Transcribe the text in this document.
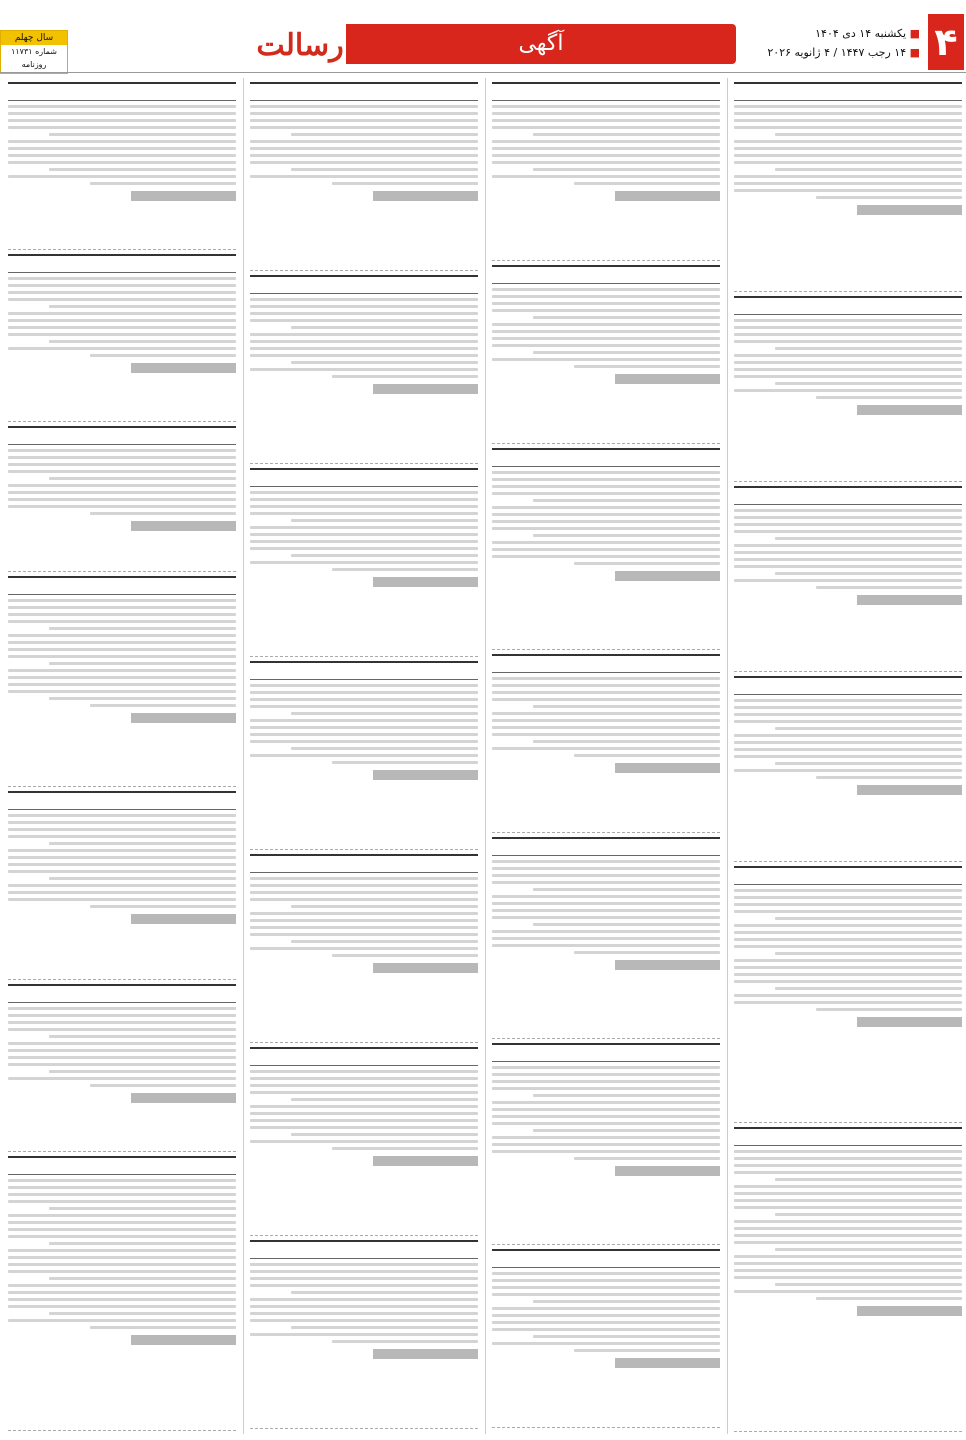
سال چهلم
شماره ۱۱۷۳۱
روزنامه
رسالت	آگهی	■ یکشنبه ۱۴ دی ۱۴۰۴
■ ۱۴ رجب ۱۴۴۷ / ۴ ژانویه ۲۰۲۶ ۴
